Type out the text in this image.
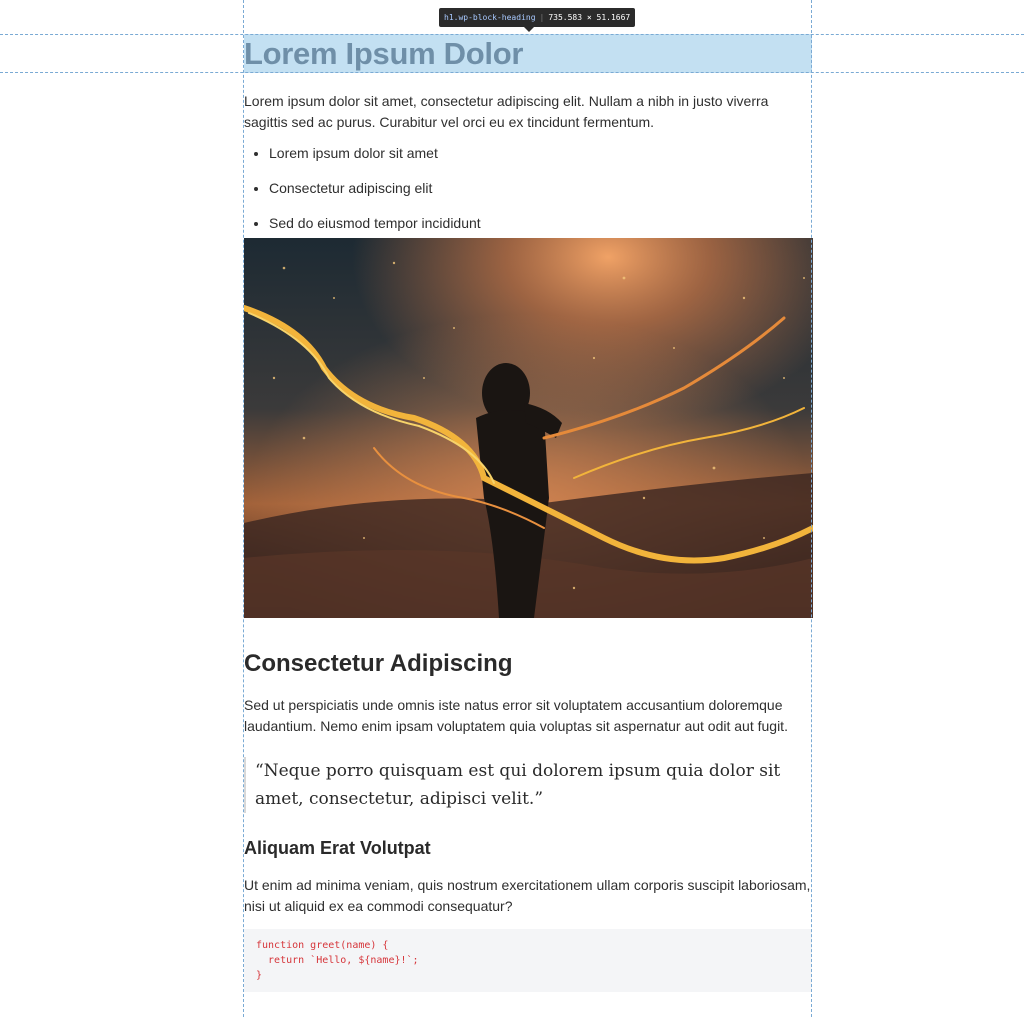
h1.wp-block-heading | 735.583 × 51.1667
Lorem Ipsum Dolor

Lorem ipsum dolor sit amet, consectetur adipiscing elit. Nullam a nibh in justo viverra sagittis sed ac purus. Curabitur vel orci eu ex tincidunt fermentum.

• Lorem ipsum dolor sit amet
• Consectetur adipiscing elit
• Sed do eiusmod tempor incididunt
Consectetur Adipiscing

Sed ut perspiciatis unde omnis iste natus error sit voluptatem accusantium doloremque laudantium. Nemo enim ipsam voluptatem quia voluptas sit aspernatur aut odit aut fugit.

“Neque porro quisquam est qui dolorem ipsum quia dolor sit amet, consectetur, adipisci velit.”
Aliquam Erat Volutpat

Ut enim ad minima veniam, quis nostrum exercitationem ullam corporis suscipit laboriosam, nisi ut aliquid ex ea commodi consequatur?

function greet(name) {
return `Hello, ${name}!`;
}
